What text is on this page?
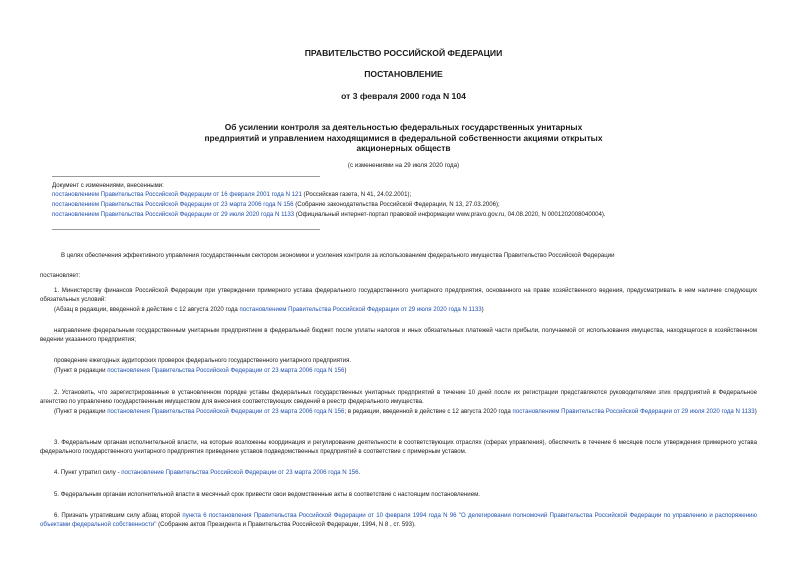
ПРАВИТЕЛЬСТВО РОССИЙСКОЙ ФЕДЕРАЦИИ
ПОСТАНОВЛЕНИЕ
от 3 февраля 2000 года N 104
Об усилении контроля за деятельностью федеральных государственных унитарных предприятий и управлением находящимися в федеральной собственности акциями открытых акционерных обществ
(с изменениями на 29 июля 2020 года)
Документ с изменениями, внесенными:
постановлением Правительства Российской Федерации от 16 февраля 2001 года N 121 (Российская газета, N 41, 24.02.2001);
постановлением Правительства Российской Федерации от 23 марта 2006 года N 156 (Собрание законодательства Российской Федерации, N 13, 27.03.2006);
постановлением Правительства Российской Федерации от 29 июля 2020 года N 1133 (Официальный интернет-портал правовой информации www.pravo.gov.ru, 04.08.2020, N 0001202008040004).
В целях обеспечения эффективного управления государственным сектором экономики и усиления контроля за использованием федерального имущества Правительство Российской Федерации
постановляет:
1. Министерству финансов Российской Федерации при утверждении примерного устава федерального государственного унитарного предприятия, основанного на праве хозяйственного ведения, предусматривать в нем наличие следующих обязательных условий:
(Абзац в редакции, введенной в действие с 12 августа 2020 года постановлением Правительства Российской Федерации от 29 июля 2020 года N 1133)
направление федеральным государственным унитарным предприятием в федеральный бюджет после уплаты налогов и иных обязательных платежей части прибыли, получаемой от использования имущества, находящегося в хозяйственном ведении указанного предприятия;
проведение ежегодных аудиторских проверок федерального государственного унитарного предприятия.
(Пункт в редакции постановления Правительства Российской Федерации от 23 марта 2006 года N 156)
2. Установить, что зарегистрированные в установленном порядке уставы федеральных государственных унитарных предприятий в течение 10 дней после их регистрации представляются руководителями этих предприятий в Федеральное агентство по управлению государственным имуществом для внесения соответствующих сведений в реестр федерального имущества.
(Пункт в редакции постановления Правительства Российской Федерации от 23 марта 2006 года N 156; в редакции, введенной в действие с 12 августа 2020 года постановлением Правительства Российской Федерации от 29 июля 2020 года N 1133)
3. Федеральным органам исполнительной власти, на которые возложены координация и регулирование деятельности в соответствующих отраслях (сферах управления), обеспечить в течение 6 месяцев после утверждения примерного устава федерального государственного унитарного предприятия приведение уставов подведомственных предприятий в соответствие с примерным уставом.
4. Пункт утратил силу - постановление Правительства Российской Федерации от 23 марта 2006 года N 156.
5. Федеральным органам исполнительной власти в месячный срок привести свои ведомственные акты в соответствие с настоящим постановлением.
6. Признать утратившим силу абзац второй пункта 6 постановления Правительства Российской Федерации от 10 февраля 1994 года N 96 "О делегировании полномочий Правительства Российской Федерации по управлению и распоряжению объектами федеральной собственности" (Собрание актов Президента и Правительства Российской Федерации, 1994, N 8 , ст. 593).
